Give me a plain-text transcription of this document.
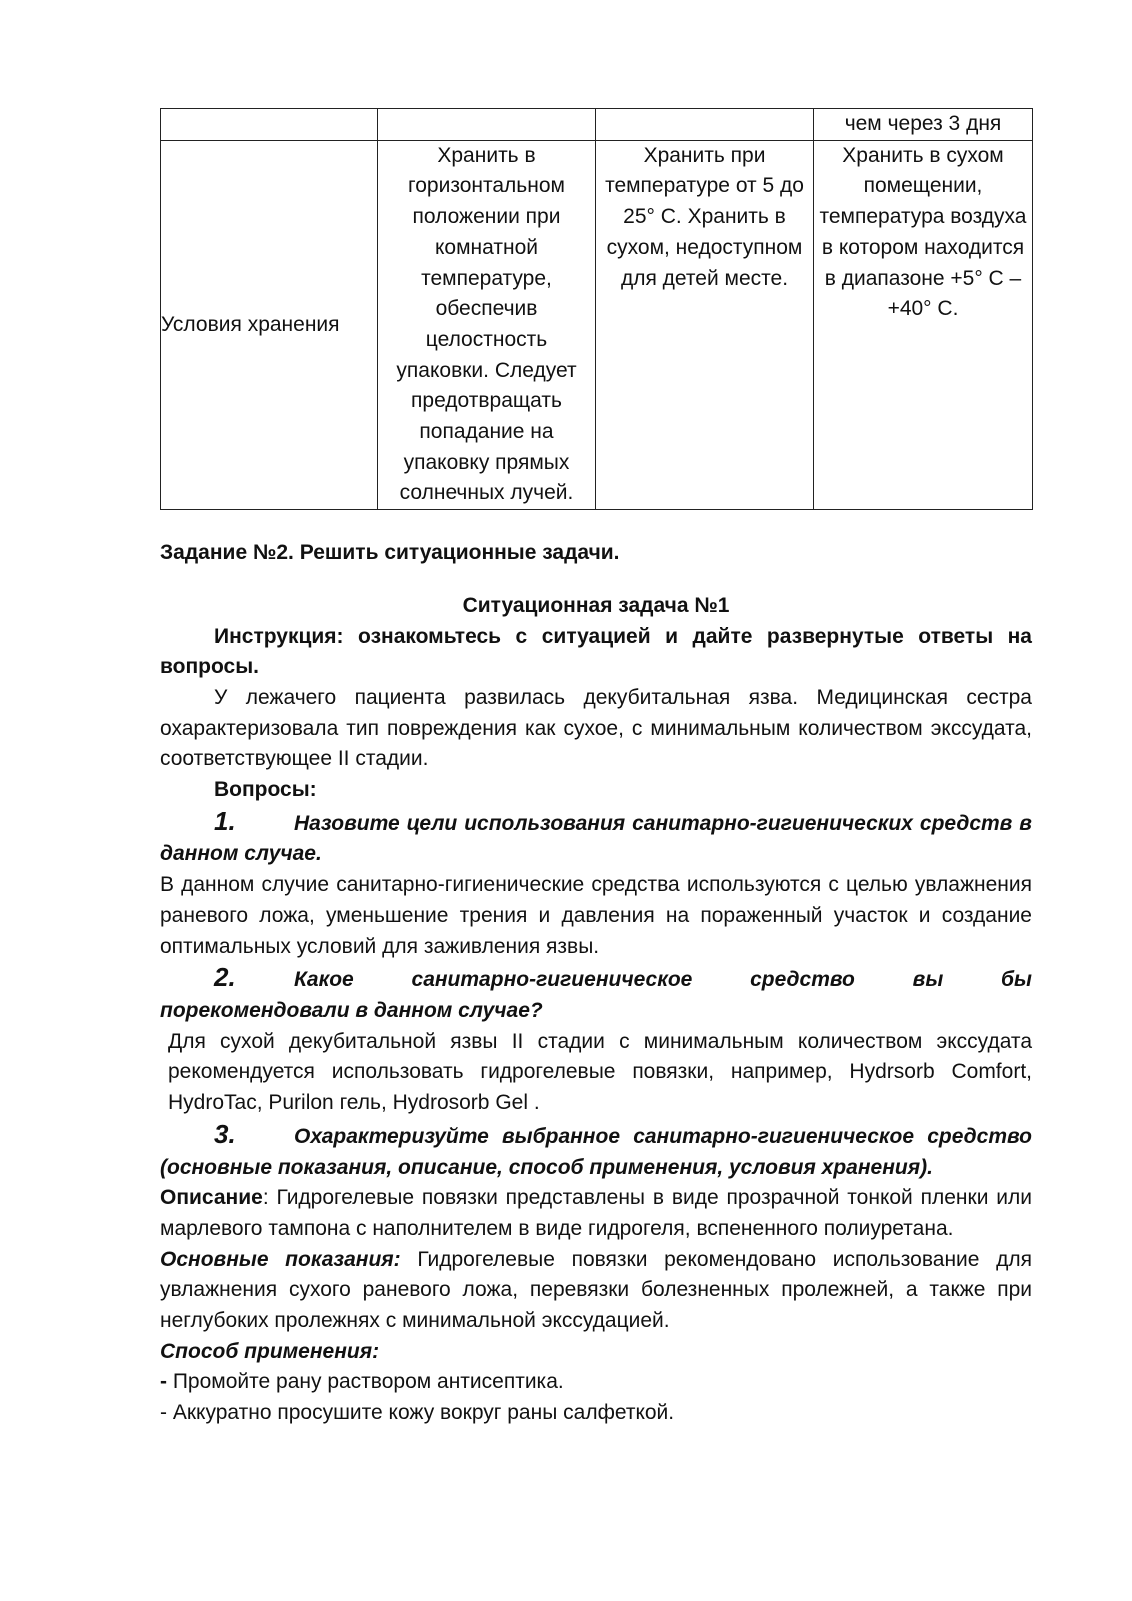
			чем через 3 дня
Условия хранения	Хранить в горизонтальном положении при комнатной температуре, обеспечив целостность упаковки. Следует предотвращать попадание на упаковку прямых солнечных лучей.	Хранить при температуре от 5 до 25° C. Хранить в сухом, недоступном для детей месте.	Хранить в сухом помещении, температура воздуха в котором находится в диапазоне +5° C – +40° C.

Задание №2. Решить ситуационные задачи.

Ситуационная задача №1

Инструкция: ознакомьтесь с ситуацией и дайте развернутые ответы на вопросы.

У лежачего пациента развилась декубитальная язва. Медицинская сестра охарактеризовала тип повреждения как сухое, с минимальным количеством экссудата, соответствующее II стадии.

Вопросы:

1.	Назовите цели использования санитарно-гигиенических средств в данном случае.

В данном случие санитарно-гигиенические средства используются с целью увлажнения раневого ложа, уменьшение трения и давления на пораженный участок и создание оптимальных условий для заживления язвы.

2.	Какое санитарно-гигиеническое средство вы бы

порекомендовали в данном случае?

Для сухой декубитальной язвы II стадии с минимальным количеством экссудата рекомендуется использовать гидрогелевые повязки, например, Hydrsorb Comfort, HydroTac, Purilon гель, Hydrosorb Gel .

3.	Охарактеризуйте выбранное санитарно-гигиеническое средство (основные показания, описание, способ применения, условия хранения).

Описание: Гидрогелевые повязки представлены в виде прозрачной тонкой пленки или марлевого тампона с наполнителем в виде гидрогеля, вспененного полиуретана.

Основные показания: Гидрогелевые повязки рекомендовано использование для увлажнения сухого раневого ложа, перевязки болезненных пролежней, а также при неглубоких пролежнях с минимальной экссудацией.

Способ применения:

- Промойте рану раствором антисептика.

- Аккуратно просушите кожу вокруг раны салфеткой.
